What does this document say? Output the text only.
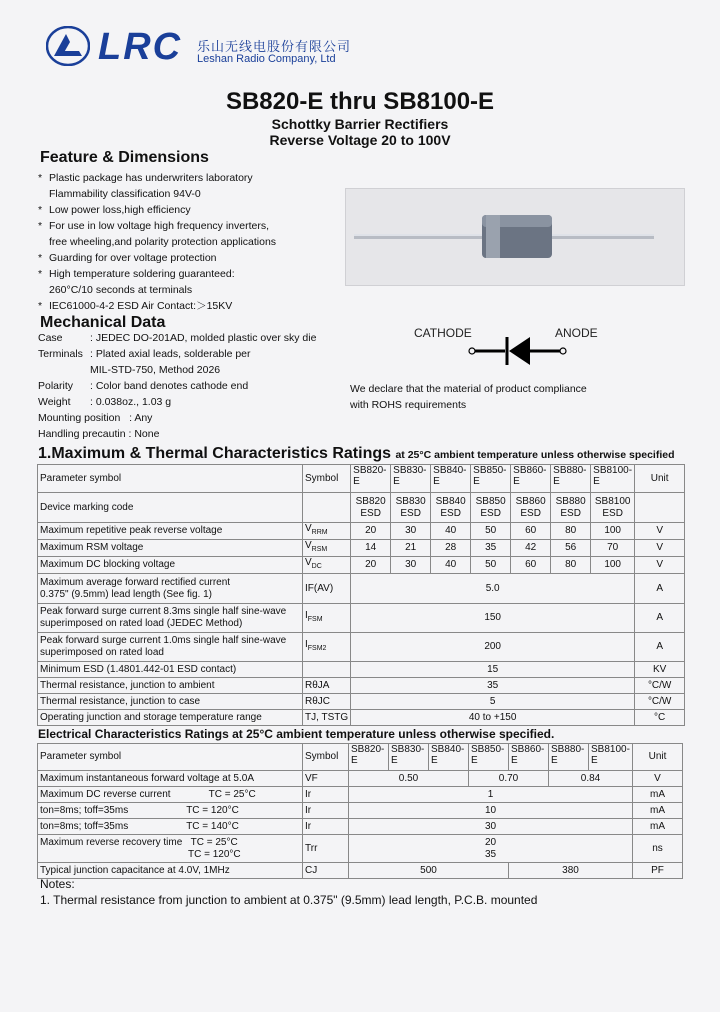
LRC 乐山无线电股份有限公司
Leshan Radio Company, Ltd
SB820-E thru SB8100-E
Schottky Barrier Rectifiers
Reverse Voltage 20 to 100V
Feature & Dimensions
* Plastic package has underwriters laboratory
Flammability classification 94V-0
* Low power loss,high efficiency
* For use in low voltage high frequency inverters,
free wheeling,and polarity protection applications
* Guarding for over voltage protection
* High temperature soldering guaranteed:
260°C/10 seconds at terminals
* IEC61000-4-2 ESD Air Contact:＞15KV
Mechanical Data
Case	: JEDEC DO-201AD, molded plastic over sky die
Terminals : Plated axial leads, solderable per
MIL-STD-750, Method 2026
Polarity : Color band denotes cathode end
Weight : 0.038oz., 1.03 g
Mounting position : Any
Handling precautin : None
CATHODE	ANODE
We declare that the material of product compliance
with ROHS requirements
1.Maximum & Thermal Characteristics Ratings at 25°C ambient temperature unless otherwise specified
Parameter symbol	Symbol	SB820-
E	SB830-
E	SB840-
E	SB850-
E	SB860-
E	SB880-
E	SB8100-
E	Unit
Device marking code		SB820
ESD	SB830
ESD	SB840
ESD	SB850
ESD	SB860
ESD	SB880
ESD	SB8100
ESD	
Maximum repetitive peak reverse voltage	$V_{RRM}$	20	30	40	50	60	80	100	V
Maximum RSM voltage	$V_{RSM}$	14	21	28	35	42	56	70	V
Maximum DC blocking voltage	$V_{DC}$	20	30	40	50	60	80	100	V
Maximum average forward rectified current
0.375" (9.5mm) lead length (See fig. 1)	IF(AV)	5.0							A
Peak forward surge current 8.3ms single half sine-wave
superimposed on rated load (JEDEC Method)	$I_{FSM}$	150							A
Peak forward surge current 1.0ms single half sine-wave
superimposed on rated load	$I_{FSM2}$	200							A
Minimum ESD (1.4801.442-01 ESD contact)		15							KV
Thermal resistance, junction to ambient	RθJA	35							°C/W
Thermal resistance, junction to case	RθJC	5							°C/W
Operating junction and storage temperature range	TJ, TSTG	40 to +150							°C
Electrical Characteristics Ratings at 25°C ambient temperature unless otherwise specified.
Parameter symbol	Symbol	SB820-
E	SB830-
E	SB840-
E	SB850-
E	SB860-
E	SB880-
E	SB8100-
E	Unit
Maximum instantaneous forward voltage at 5.0A	VF	0.50			0.70		0.84		V
Maximum DC reverse current TC = 25°C	Ir	1							mA
ton=8ms; toff=35ms TC = 120°C	Ir	10							mA
ton=8ms; toff=35ms TC = 140°C	Ir	30							mA
Maximum reverse recovery time TC = 25°C
TC = 120°C	Trr	20
35							ns
Typical junction capacitance at 4.0V, 1MHz	CJ	500				380			PF
Notes:
1. Thermal resistance from junction to ambient at 0.375" (9.5mm) lead length, P.C.B. mounted
